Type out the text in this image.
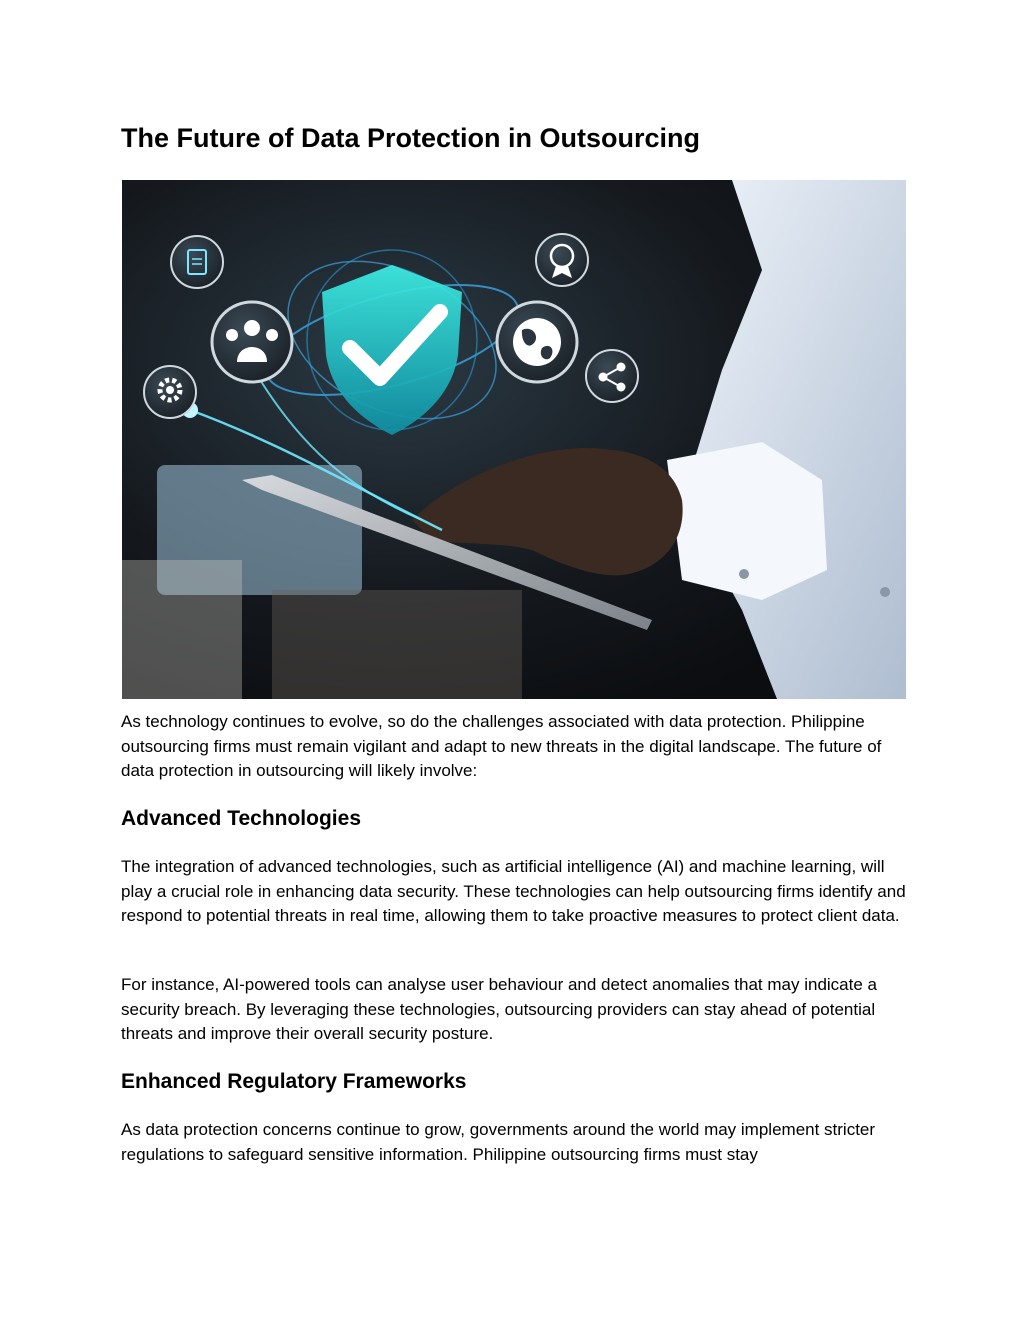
The Future of Data Protection in Outsourcing

As technology continues to evolve, so do the challenges associated with data protection. Philippine outsourcing firms must remain vigilant and adapt to new threats in the digital landscape. The future of data protection in outsourcing will likely involve:

Advanced Technologies

The integration of advanced technologies, such as artificial intelligence (AI) and machine learning, will play a crucial role in enhancing data security. These technologies can help outsourcing firms identify and respond to potential threats in real time, allowing them to take proactive measures to protect client data.

For instance, AI-powered tools can analyse user behaviour and detect anomalies that may indicate a security breach. By leveraging these technologies, outsourcing providers can stay ahead of potential threats and improve their overall security posture.

Enhanced Regulatory Frameworks

As data protection concerns continue to grow, governments around the world may implement stricter regulations to safeguard sensitive information. Philippine outsourcing firms must stay
